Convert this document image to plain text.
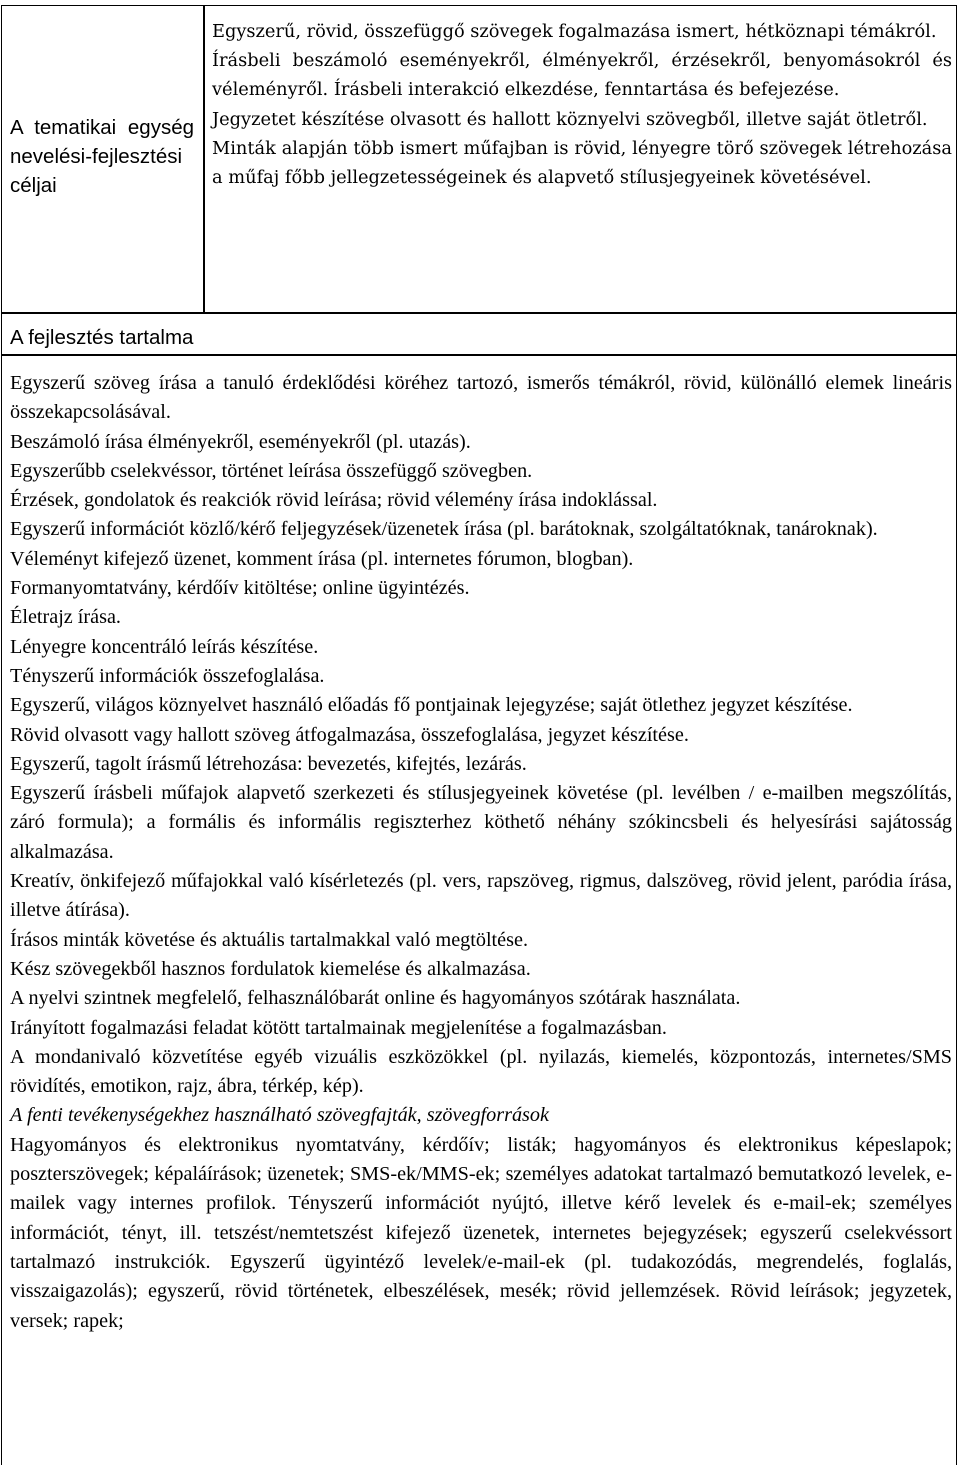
A tematikai egység nevelési-fejlesztési céljai

Egyszerű, rövid, összefüggő szövegek fogalmazása ismert, hétköznapi témákról.

Írásbeli beszámoló eseményekről, élményekről, érzésekről, benyomásokról és véleményről. Írásbeli interakció elkezdése, fenntartása és befejezése.

Jegyzetet készítése olvasott és hallott köznyelvi szövegből, illetve saját ötletről.

Minták alapján több ismert műfajban is rövid, lényegre törő szövegek létrehozása a műfaj főbb jellegzetességeinek és alapvető stílusjegyeinek követésével.

A fejlesztés tartalma

Egyszerű szöveg írása a tanuló érdeklődési köréhez tartozó, ismerős témákról, rövid, különálló elemek lineáris összekapcsolásával.

Beszámoló írása élményekről, eseményekről (pl. utazás).

Egyszerűbb cselekvéssor, történet leírása összefüggő szövegben.

Érzések, gondolatok és reakciók rövid leírása; rövid vélemény írása indoklással.

Egyszerű információt közlő/kérő feljegyzések/üzenetek írása (pl. barátoknak, szolgáltatóknak, tanároknak).

Véleményt kifejező üzenet, komment írása (pl. internetes fórumon, blogban).

Formanyomtatvány, kérdőív kitöltése; online ügyintézés.

Életrajz írása.

Lényegre koncentráló leírás készítése.

Tényszerű információk összefoglalása.

Egyszerű, világos köznyelvet használó előadás fő pontjainak lejegyzése; saját ötlethez jegyzet készítése.

Rövid olvasott vagy hallott szöveg átfogalmazása, összefoglalása, jegyzet készítése.

Egyszerű, tagolt írásmű létrehozása: bevezetés, kifejtés, lezárás.

Egyszerű írásbeli műfajok alapvető szerkezeti és stílusjegyeinek követése (pl. levélben / e-mailben megszólítás, záró formula); a formális és informális regiszterhez köthető néhány szókincsbeli és helyesírási sajátosság alkalmazása.

Kreatív, önkifejező műfajokkal való kísérletezés (pl. vers, rapszöveg, rigmus, dalszöveg, rövid jelent, paródia írása, illetve átírása).

Írásos minták követése és aktuális tartalmakkal való megtöltése.

Kész szövegekből hasznos fordulatok kiemelése és alkalmazása.

A nyelvi szintnek megfelelő, felhasználóbarát online és hagyományos szótárak használata.

Irányított fogalmazási feladat kötött tartalmainak megjelenítése a fogalmazásban.

A mondanivaló közvetítése egyéb vizuális eszközökkel (pl. nyilazás, kiemelés, központozás, internetes/SMS rövidítés, emotikon, rajz, ábra, térkép, kép).

A fenti tevékenységekhez használható szövegfajták, szövegforrások

Hagyományos és elektronikus nyomtatvány, kérdőív; listák; hagyományos és elektronikus képeslapok; poszterszövegek; képaláírások; üzenetek; SMS-ek/MMS-ek; személyes adatokat tartalmazó bemutatkozó levelek, e-mailek vagy internes profilok. Tényszerű információt nyújtó, illetve kérő levelek és e-mail-ek; személyes információt, tényt, ill. tetszést/nemtetszést kifejező üzenetek, internetes bejegyzések; egyszerű cselekvéssort tartalmazó instrukciók. Egyszerű ügyintéző levelek/e-mail-ek (pl. tudakozódás, megrendelés, foglalás, visszaigazolás); egyszerű, rövid történetek, elbeszélések, mesék; rövid jellemzések. Rövid leírások; jegyzetek, versek; rapek;
